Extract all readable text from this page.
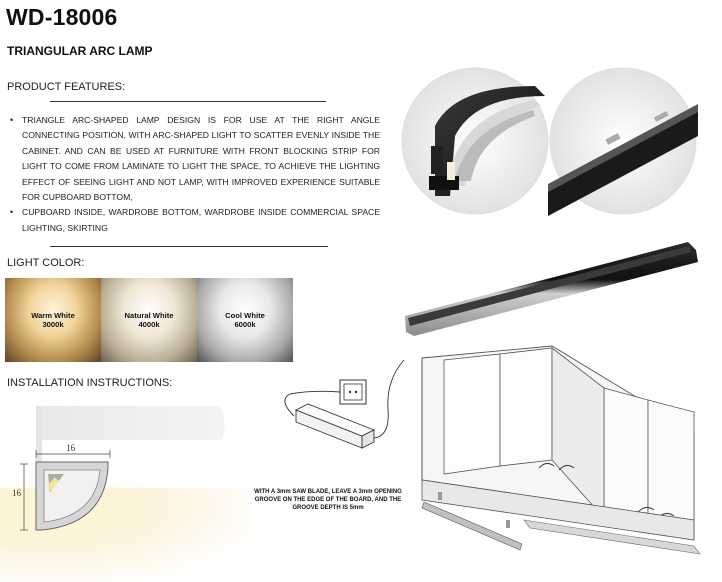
WD-18006
TRIANGULAR ARC LAMP
PRODUCT FEATURES:
• TRIANGLE ARC-SHAPED LAMP DESIGN IS FOR USE AT THE RIGHT ANGLE CONNECTING POSITION, WITH ARC-SHAPED LIGHT TO SCATTER EVENLY INSIDE THE CABINET. AND CAN BE USED AT FURNITURE WITH FRONT BLOCKING STRIP FOR LIGHT TO COME FROM LAMINATE TO LIGHT THE SPACE, TO ACHIEVE THE LIGHTING EFFECT OF SEEING LIGHT AND NOT LAMP, WITH IMPROVED EXPERIENCE SUITABLE FOR CUPBOARD BOTTOM,
• CUPBOARD INSIDE, WARDROBE BOTTOM, WARDROBE INSIDE COMMERCIAL SPACE LIGHTING, SKIRTING
LIGHT COLOR:
Warm White
3000k
Natural White
4000k
Cool White
6000k
INSTALLATION INSTRUCTIONS:
16
16	WITH A 3mm SAW BLADE, LEAVE A 3mm OPENING GROOVE ON THE EDGE OF THE BOARD, AND THE GROOVE DEPTH IS 5mm
